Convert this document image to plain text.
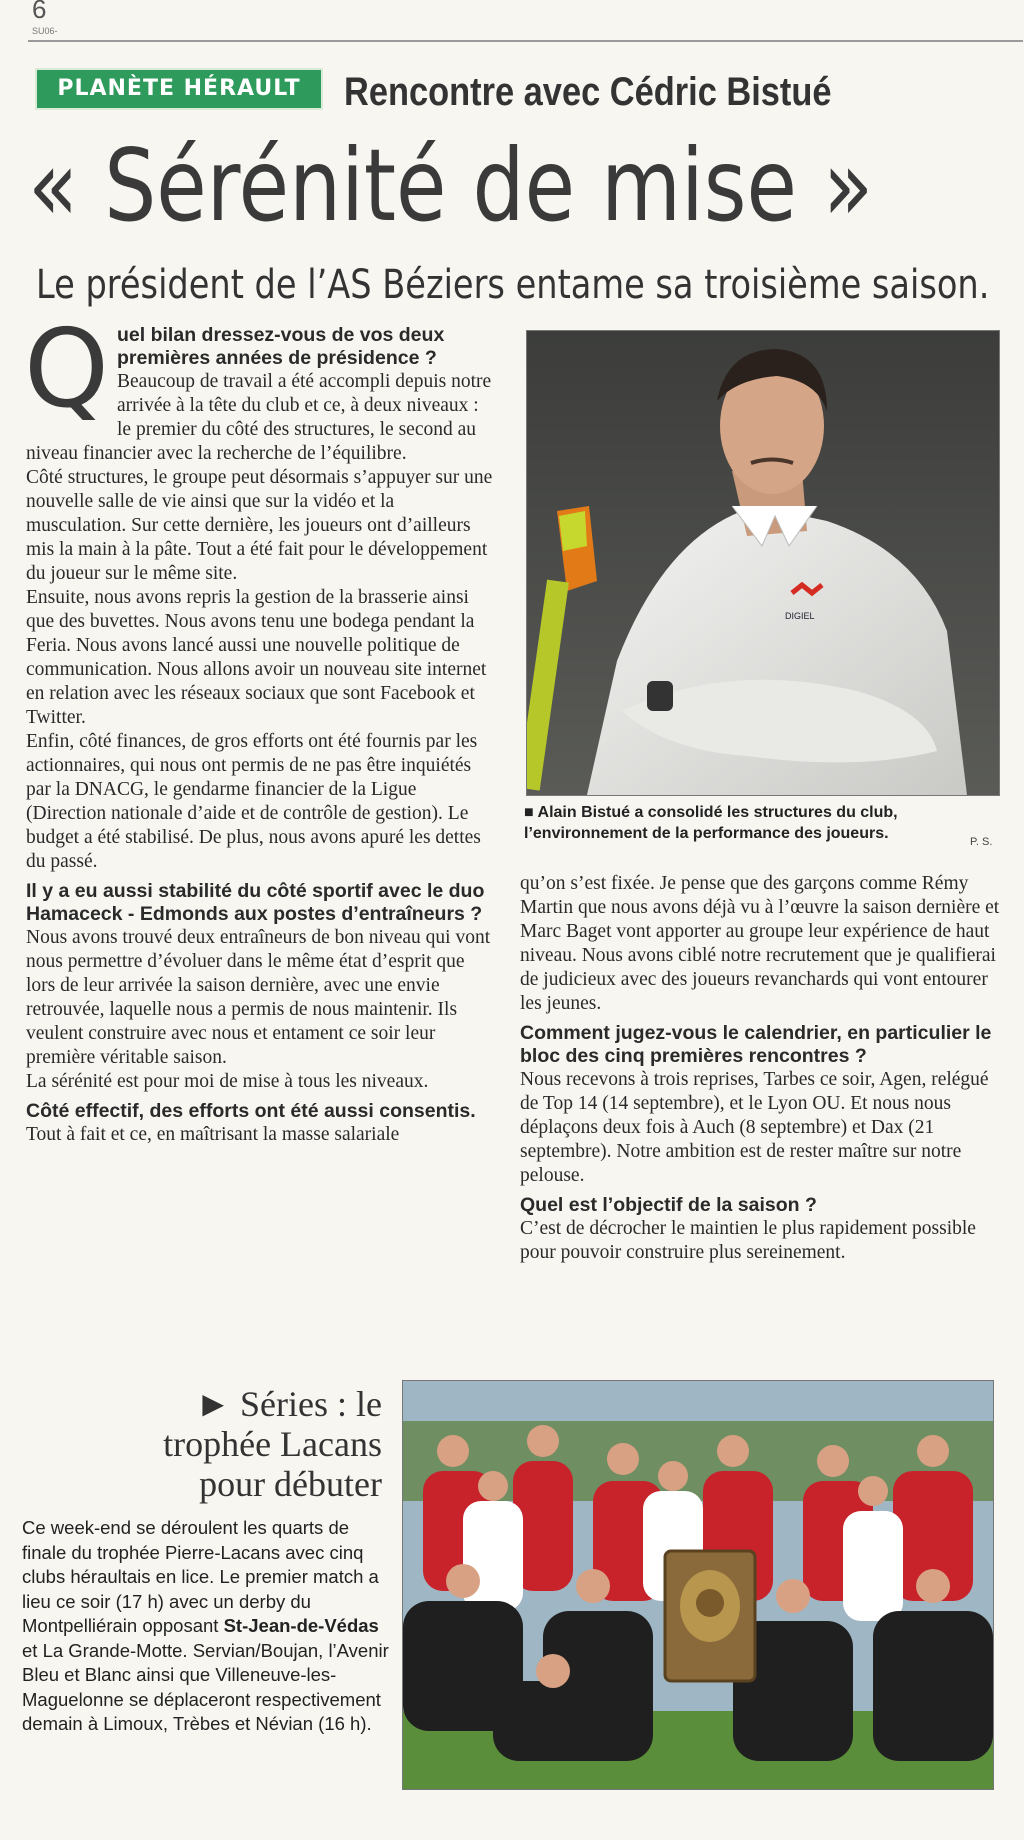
6
SU06-
PLANÈTE HÉRAULT	Rencontre avec Cédric Bistué
« Sérénité de mise »
Le président de l’AS Béziers entame sa troisième saison.
Q uel bilan dressez-vous de vos deux premières années de présidence ?

Beaucoup de travail a été accompli depuis notre arrivée à la tête du club et ce, à deux niveaux : le premier du côté des structures, le second au niveau financier avec la recherche de l’équilibre.

Côté structures, le groupe peut désormais s’appuyer sur une nouvelle salle de vie ainsi que sur la vidéo et la musculation. Sur cette dernière, les joueurs ont d’ailleurs mis la main à la pâte. Tout a été fait pour le développement du joueur sur le même site.

Ensuite, nous avons repris la gestion de la brasserie ainsi que des buvettes. Nous avons tenu une bodega pendant la Feria. Nous avons lancé aussi une nouvelle politique de communication. Nous allons avoir un nouveau site internet en relation avec les réseaux sociaux que sont Facebook et Twitter.

Enfin, côté finances, de gros efforts ont été fournis par les actionnaires, qui nous ont permis de ne pas être inquiétés par la DNACG, le gendarme financier de la Ligue (Direction nationale d’aide et de contrôle de gestion). Le budget a été stabilisé. De plus, nous avons apuré les dettes du passé.

Il y a eu aussi stabilité du côté sportif avec le duo Hamaceck - Edmonds aux postes d’entraîneurs ?

Nous avons trouvé deux entraîneurs de bon niveau qui vont nous permettre d’évoluer dans le même état d’esprit que lors de leur arrivée la saison dernière, avec une envie retrouvée, laquelle nous a permis de nous maintenir. Ils veulent construire avec nous et entament ce soir leur première véritable saison.

La sérénité est pour moi de mise à tous les niveaux.

Côté effectif, des efforts ont été aussi consentis.

Tout à fait et ce, en maîtrisant la masse salariale

DIGIEL
■ Alain Bistué a consolidé les structures du club, l’environnement de la performance des joueurs.	P. S.

qu’on s’est fixée. Je pense que des garçons comme Rémy Martin que nous avons déjà vu à l’œuvre la saison dernière et Marc Baget vont apporter au groupe leur expérience de haut niveau. Nous avons ciblé notre recrutement que je qualifierai de judicieux avec des joueurs revanchards qui vont entourer les jeunes.

Comment jugez-vous le calendrier, en particulier le bloc des cinq premières rencontres ?

Nous recevons à trois reprises, Tarbes ce soir, Agen, relégué de Top 14 (14 septembre), et le Lyon OU. Et nous nous déplaçons deux fois à Auch (8 septembre) et Dax (21 septembre). Notre ambition est de rester maître sur notre pelouse.

Quel est l’objectif de la saison ?

C’est de décrocher le maintien le plus rapidement possible pour pouvoir construire plus sereinement.

► Séries : le trophée Lacans pour débuter
Ce week-end se déroulent les quarts de finale du trophée Pierre-Lacans avec cinq clubs héraultais en lice. Le premier match a lieu ce soir (17 h) avec un derby du Montpelliérain opposant St-Jean-de-Védas et La Grande-Motte. Servian/Boujan, l’Avenir Bleu et Blanc ainsi que Villeneuve-les-Maguelonne se déplaceront respectivement demain à Limoux, Trèbes et Névian (16 h).
